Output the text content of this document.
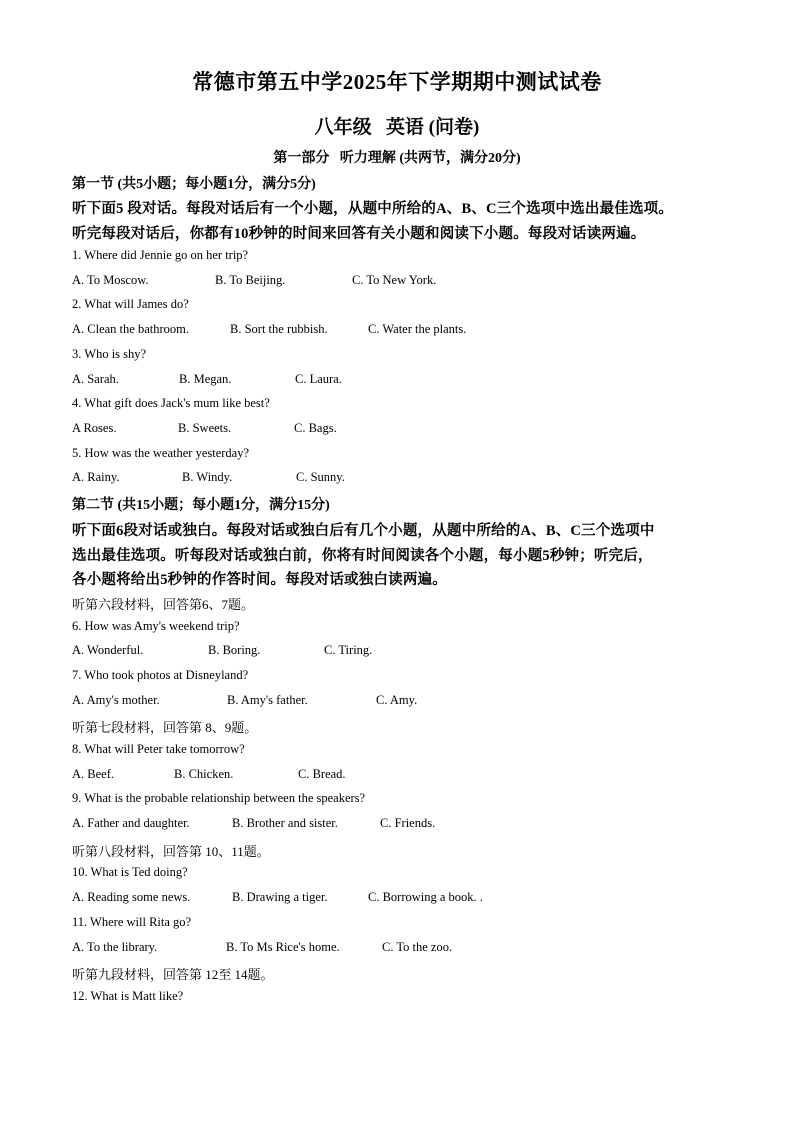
常德市第五中学2025年下学期期中测试试卷
八年级   英语 (问卷)
第一部分   听力理解 (共两节，满分20分)
第一节 (共5小题；每小题1分，满分5分)
听下面5 段对话。每段对话后有一个小题，从题中所给的A、B、C三个选项中选出最佳选项。
听完每段对话后，你都有10秒钟的时间来回答有关小题和阅读下小题。每段对话读两遍。
1. Where did Jennie go on her trip?
A. To Moscow.	B. To Beijing.	C. To New York.
2. What will James do?
A. Clean the bathroom.	B. Sort the rubbish.	C. Water the plants.
3. Who is shy?
A. Sarah.	B. Megan.	C. Laura.
4. What gift does Jack's mum like best?
A Roses.	B. Sweets.	C. Bags.
5. How was the weather yesterday?
A. Rainy.	B. Windy.	C. Sunny.
第二节 (共15小题；每小题1分，满分15分)
听下面6段对话或独白。每段对话或独白后有几个小题，从题中所给的A、B、C三个选项中
选出最佳选项。听每段对话或独白前，你将有时间阅读各个小题，每小题5秒钟；听完后，
各小题将给出5秒钟的作答时间。每段对话或独白读两遍。
听第六段材料，回答第6、7题。
6. How was Amy's weekend trip?
A. Wonderful.	B. Boring.	C. Tiring.
7. Who took photos at Disneyland?
A. Amy's mother.	B. Amy's father.	C. Amy.
听第七段材料，回答第 8、9题。
8. What will Peter take tomorrow?
A. Beef.	B. Chicken.	C. Bread.
9. What is the probable relationship between the speakers?
A. Father and daughter.	B. Brother and sister.	C. Friends.
听第八段材料，回答第 10、11题。
10. What is Ted doing?
A. Reading some news.	B. Drawing a tiger.	C. Borrowing a book. .
11. Where will Rita go?
A. To the library.	B. To Ms Rice's home.	C. To the zoo.
听第九段材料，回答第 12至 14题。
12. What is Matt like?
